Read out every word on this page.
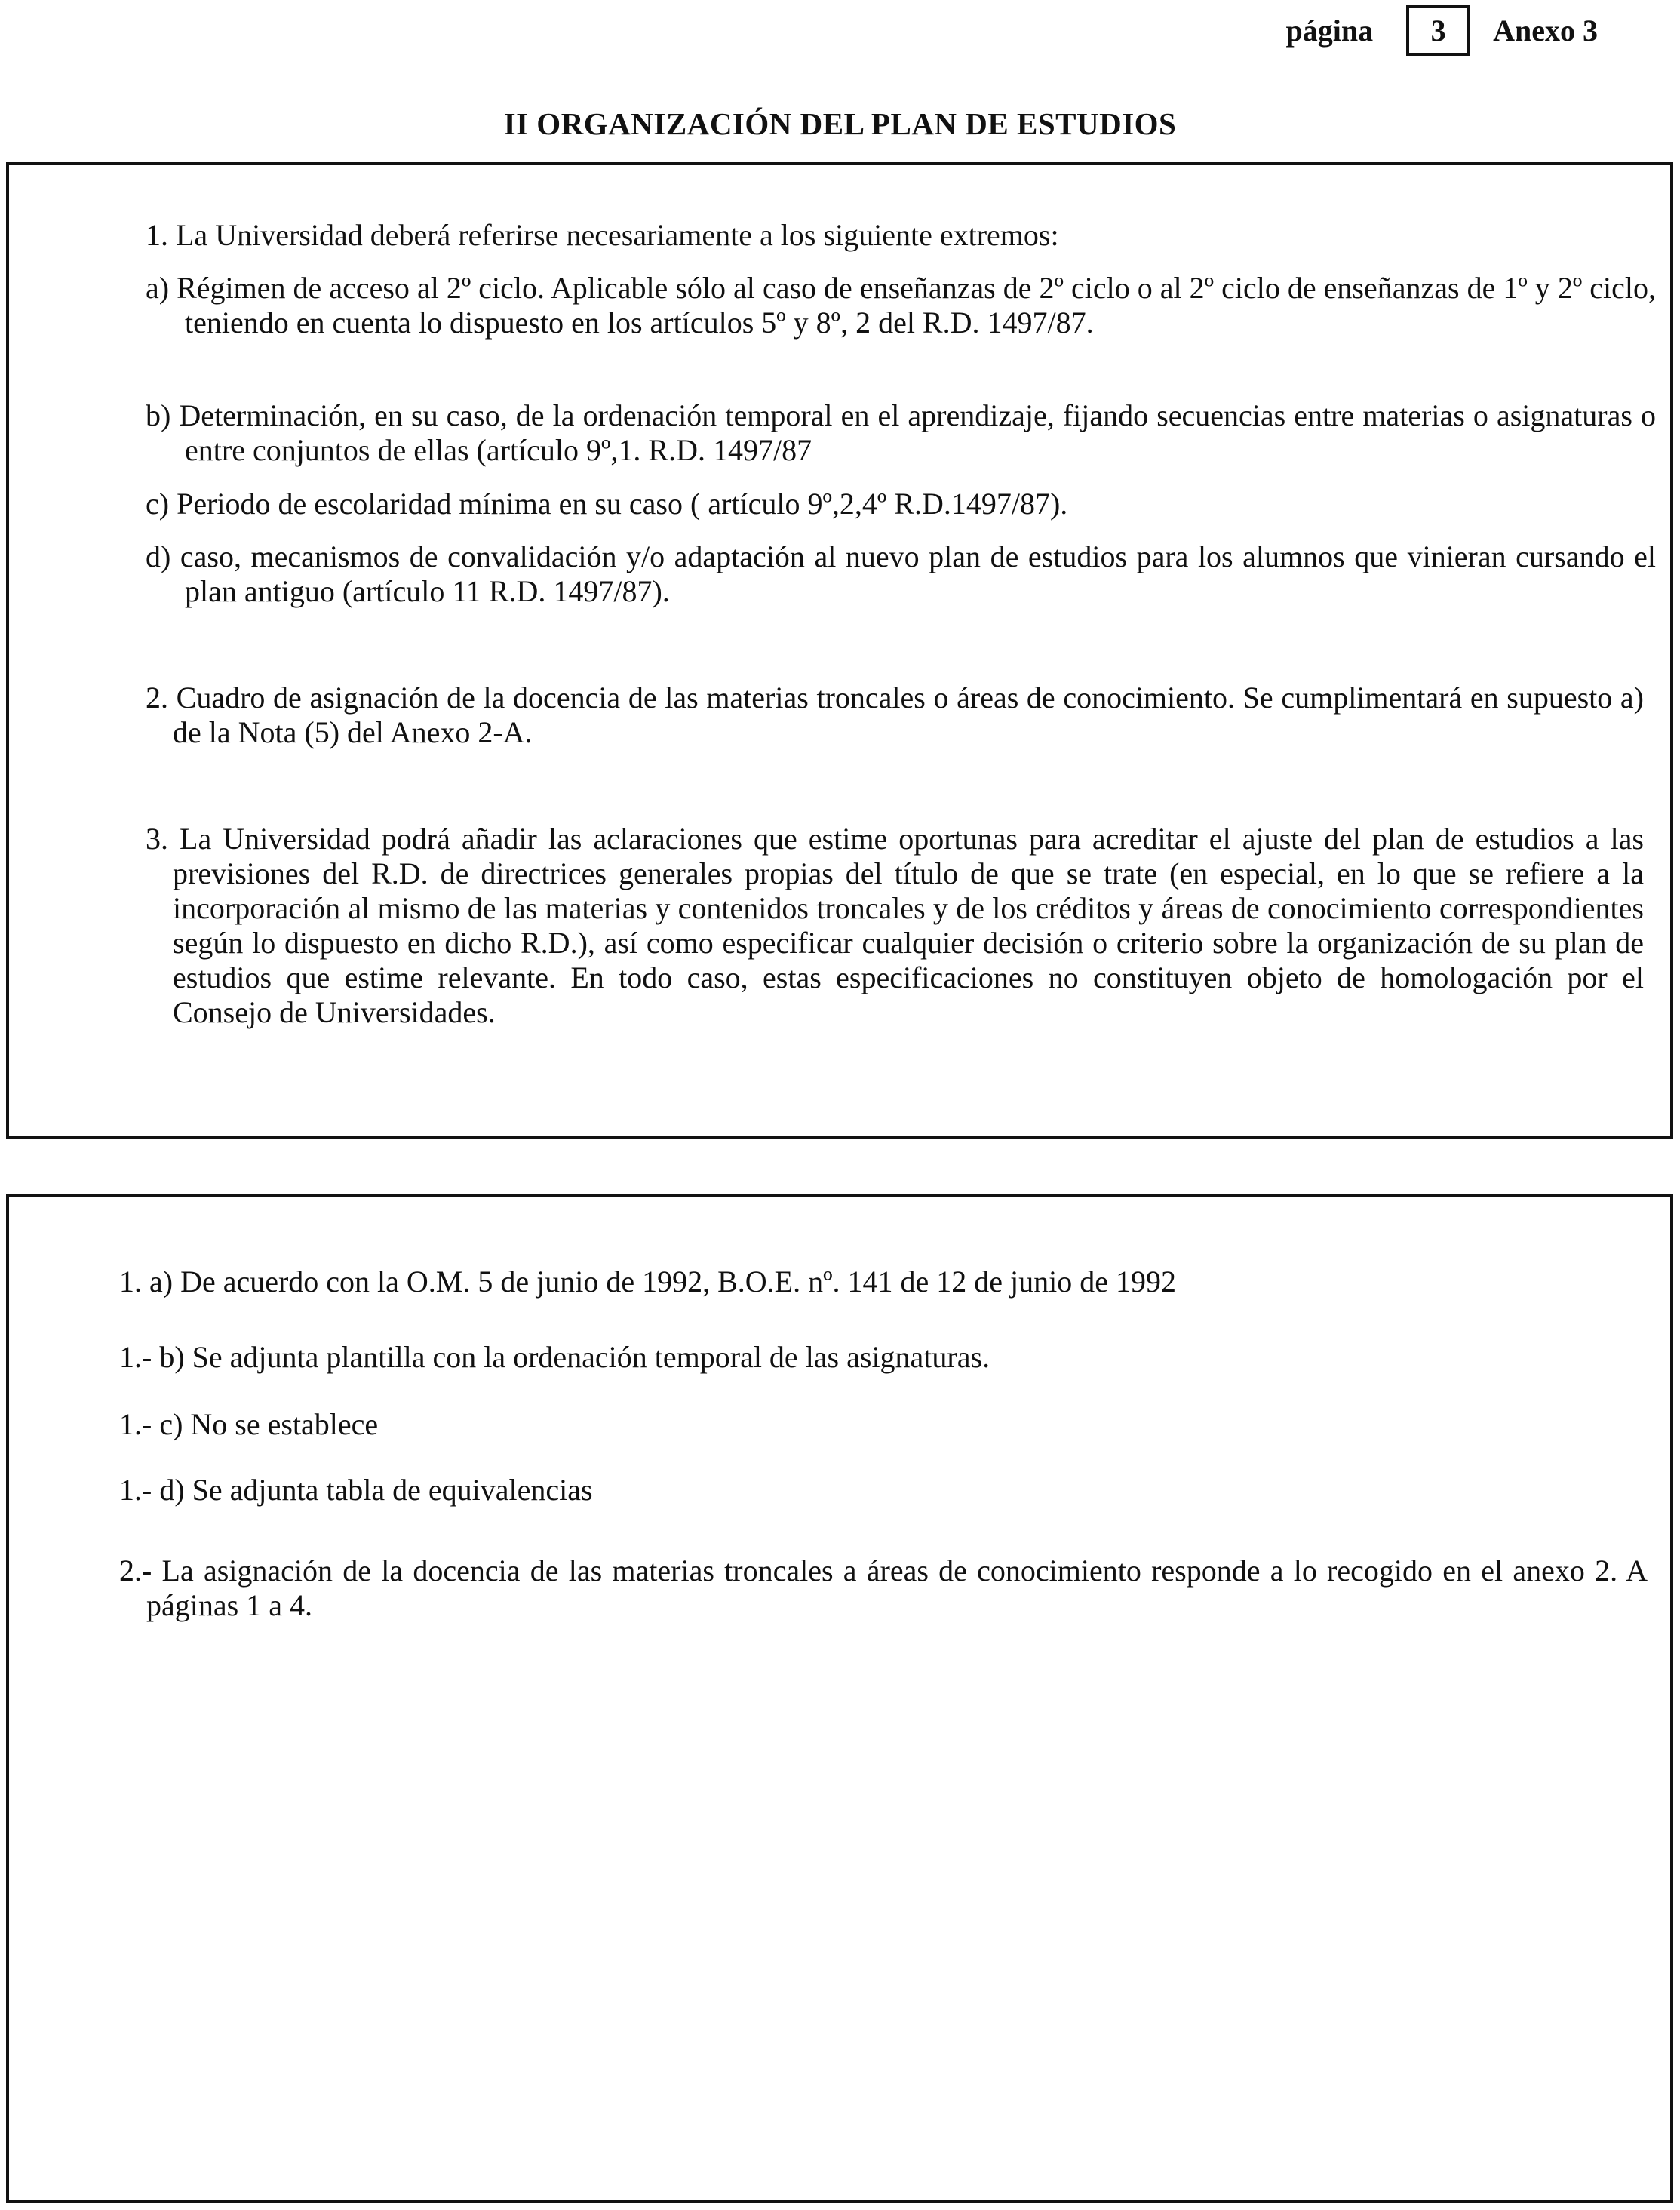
página	3	Anexo 3
II ORGANIZACIÓN DEL PLAN DE ESTUDIOS
1. La Universidad deberá referirse necesariamente a los siguiente extremos:
a) Régimen de acceso al 2º ciclo. Aplicable sólo al caso de enseñanzas de 2º ciclo o al 2º ciclo de enseñanzas de 1º y 2º ciclo, teniendo en cuenta lo dispuesto en los artículos 5º y 8º, 2 del R.D. 1497/87.
b) Determinación, en su caso, de la ordenación temporal en el aprendizaje, fijando secuencias entre materias o asignaturas o entre conjuntos de ellas (artículo 9º,1. R.D. 1497/87
c) Periodo de escolaridad mínima en su caso ( artículo 9º,2,4º R.D.1497/87).
d) caso, mecanismos de convalidación y/o adaptación al nuevo plan de estudios para los alumnos que vinieran cursando el plan antiguo (artículo 11 R.D. 1497/87).
2. Cuadro de asignación de la docencia de las materias troncales o áreas de conocimiento. Se cumplimentará en supuesto a) de la Nota (5) del Anexo 2-A.
3. La Universidad podrá añadir las aclaraciones que estime oportunas para acreditar el ajuste del plan de estudios a las previsiones del R.D. de directrices generales propias del título de que se trate (en especial, en lo que se refiere a la incorporación al mismo de las materias y contenidos troncales y de los créditos y áreas de conocimiento correspondientes según lo dispuesto en dicho R.D.), así como especificar cualquier decisión o criterio sobre la organización de su plan de estudios que estime relevante. En todo caso, estas especificaciones no constituyen objeto de homologación por el Consejo de Universidades.
1. a) De acuerdo con la O.M. 5 de junio de 1992, B.O.E. nº. 141 de 12 de junio de 1992
1.- b) Se adjunta plantilla con la ordenación temporal de las asignaturas.
1.- c) No se establece
1.- d) Se adjunta tabla de equivalencias
2.- La asignación de la docencia de las materias troncales a áreas de conocimiento responde a lo recogido en el anexo 2. A páginas 1 a 4.
